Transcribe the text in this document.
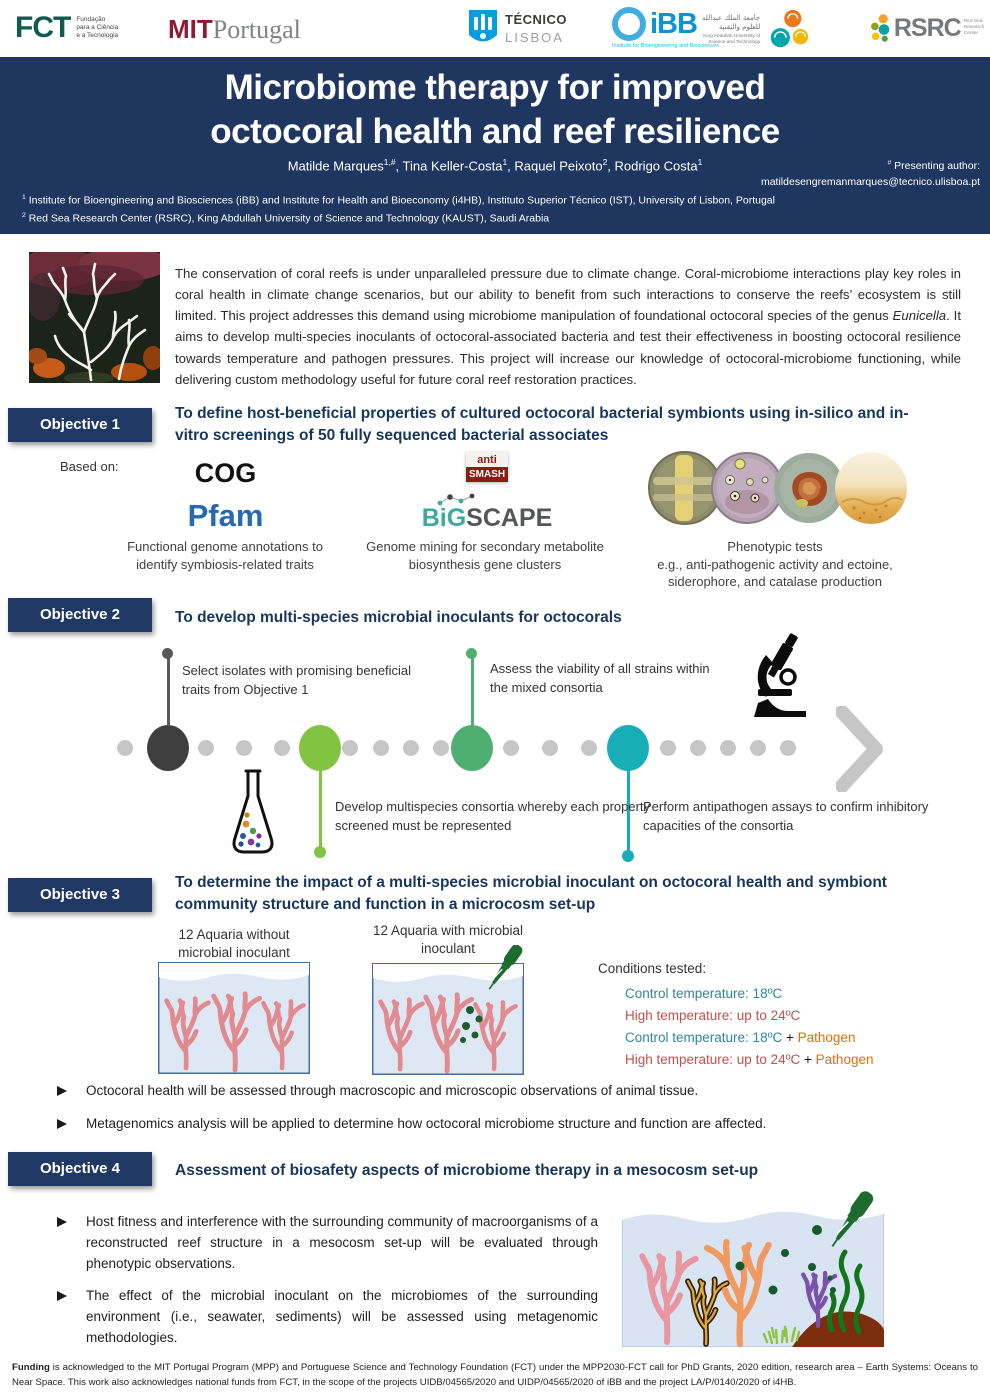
FCT Fundação
para a Ciência
e a Tecnologia MITPortugal	TÉCNICO
LISBOA	iBB
Institute for Bioengineering and Biosciences
جامعة الملك عبدالله
للعلوم والتقنية
King Abdullah University of
Science and Technology
RSRC Red Sea
Research Center
Microbiome therapy for improved
octocoral health and reef resilience
Matilde Marques$^{1,\#}$, Tina Keller-Costa$^1$, Raquel Peixoto$^2$, Rodrigo Costa$^1$	# Presenting author:
matildesengremanmarques@tecnico.ulisboa.pt
$^1$ Institute for Bioengineering and Biosciences (iBB) and Institute for Health and Bioeconomy (i4HB), Instituto Superior Técnico (IST), University of Lisbon, Portugal
$^2$ Red Sea Research Center (RSRC), King Abdullah University of Science and Technology (KAUST), Saudi Arabia

The conservation of coral reefs is under unparalleled pressure due to climate change. Coral-microbiome interactions play key roles in coral health in climate change scenarios, but our ability to benefit from such interactions to conserve the reefs’ ecosystem is still limited. This project addresses this demand using microbiome manipulation of foundational octocoral species of the genus Eunicella. It aims to develop multi-species inoculants of octocoral-associated bacteria and test their effectiveness in boosting octocoral resilience towards temperature and pathogen pressures. This project will increase our knowledge of octocoral-microbiome functioning, while delivering custom methodology useful for future coral reef restoration practices.

Objective 1
To define host-beneficial properties of cultured octocoral bacterial symbionts using in-silico and in-vitro screenings of 50 fully sequenced bacterial associates
Based on:	COG
Pfam
anti
SMASH
BiGSCAPE
Functional genome annotations to identify symbiosis-related traits
Genome mining for secondary metabolite biosynthesis gene clusters
Phenotypic tests
e.g., anti-pathogenic activity and ectoine, siderophore, and catalase production
Objective 2	To develop multi-species microbial inoculants for octocorals
Select isolates with promising beneficial traits from Objective 1
Assess the viability of all strains within the mixed consortia
Develop multispecies consortia whereby each property screened must be represented
Perform antipathogen assays to confirm inhibitory capacities of the consortia
Objective 3
To determine the impact of a multi-species microbial inoculant on octocoral health and symbiont community structure and function in a microcosm set-up
12 Aquaria without microbial inoculant
12 Aquaria with microbial inoculant
Conditions tested:
Control temperature: 18ºC
High temperature: up to 24ºC
Control temperature: 18ºC + Pathogen
High temperature: up to 24ºC + Pathogen
Octocoral health will be assessed through macroscopic and microscopic observations of animal tissue.
Metagenomics analysis will be applied to determine how octocoral microbiome structure and function are affected.
Objective 4	Assessment of biosafety aspects of microbiome therapy in a mesocosm set-up
Host fitness and interference with the surrounding community of macroorganisms of a reconstructed reef structure in a mesocosm set-up will be evaluated through phenotypic observations.
The effect of the microbial inoculant on the microbiomes of the surrounding environment (i.e., seawater, sediments) will be assessed using metagenomic methodologies.
Funding is acknowledged to the MIT Portugal Program (MPP) and Portuguese Science and Technology Foundation (FCT) under the MPP2030-FCT call for PhD Grants, 2020 edition, research area – Earth Systems: Oceans to Near Space. This work also acknowledges national funds from FCT, in the scope of the projects UIDB/04565/2020 and UIDP/04565/2020 of iBB and the project LA/P/0140/2020 of i4HB.
